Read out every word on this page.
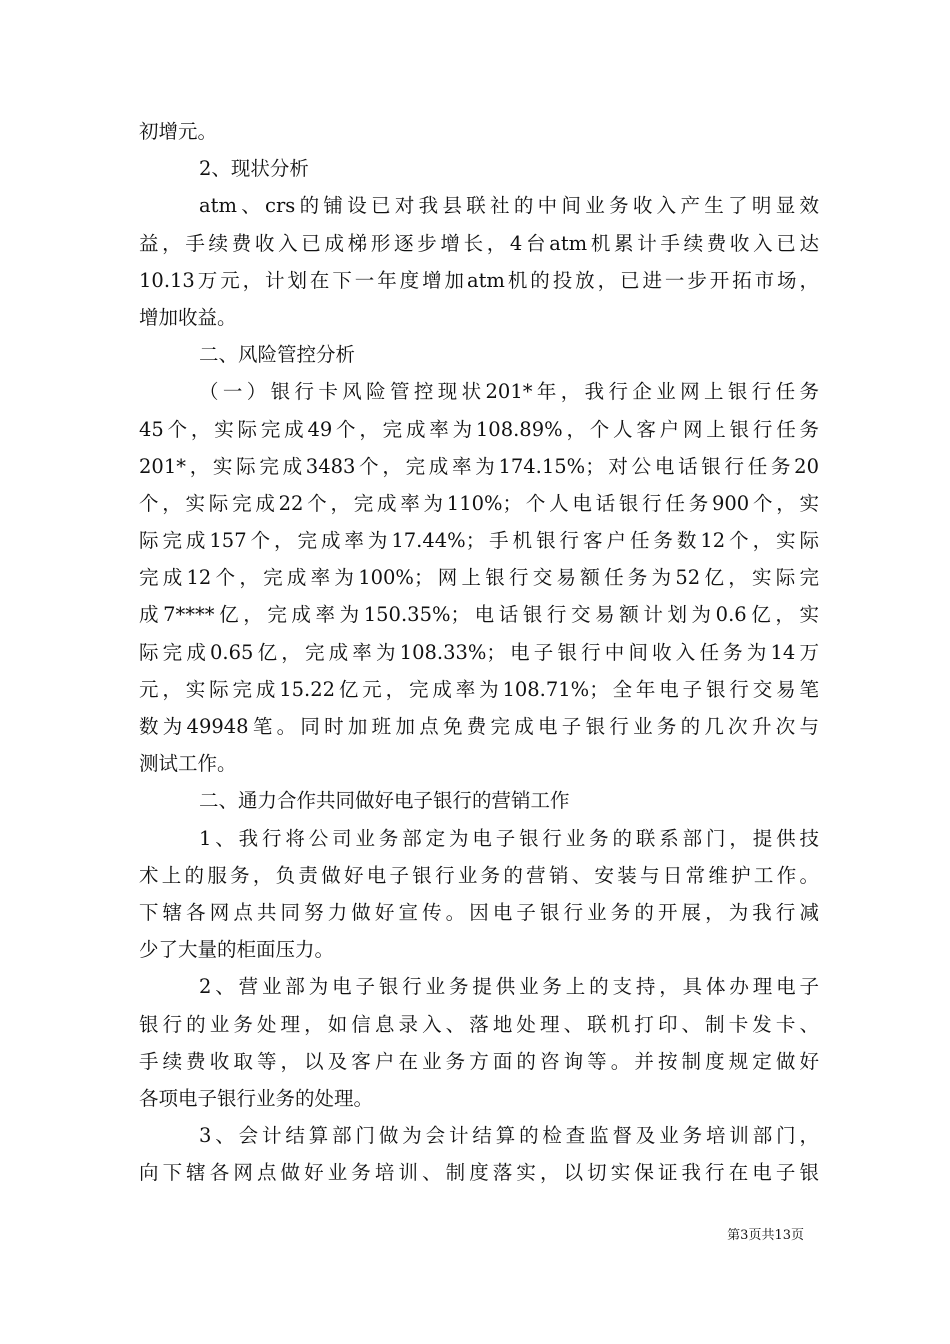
初增元。
2、现状分析
atm、crs的铺设已对我县联社的中间业务收入产生了明显效
益，手续费收入已成梯形逐步增长，4台atm机累计手续费收入已达
10.13万元，计划在下一年度增加atm机的投放，已进一步开拓市场，
增加收益。
二、风险管控分析
（一）银行卡风险管控现状201*年，我行企业网上银行任务
45个，实际完成49个，完成率为108.89%，个人客户网上银行任务
201*，实际完成3483个，完成率为174.15%；对公电话银行任务20
个，实际完成22个，完成率为110%；个人电话银行任务900个，实
际完成157个，完成率为17.44%；手机银行客户任务数12个，实际
完成12个，完成率为100%；网上银行交易额任务为52亿，实际完
成7****亿，完成率为150.35%；电话银行交易额计划为0.6亿，实
际完成0.65亿，完成率为108.33%；电子银行中间收入任务为14万
元，实际完成15.22亿元，完成率为108.71%；全年电子银行交易笔
数为49948笔。同时加班加点免费完成电子银行业务的几次升次与
测试工作。
二、通力合作共同做好电子银行的营销工作
1、我行将公司业务部定为电子银行业务的联系部门，提供技
术上的服务，负责做好电子银行业务的营销、安装与日常维护工作。
下辖各网点共同努力做好宣传。因电子银行业务的开展，为我行减
少了大量的柜面压力。
2、营业部为电子银行业务提供业务上的支持，具体办理电子
银行的业务处理，如信息录入、落地处理、联机打印、制卡发卡、
手续费收取等，以及客户在业务方面的咨询等。并按制度规定做好
各项电子银行业务的处理。
3、会计结算部门做为会计结算的检查监督及业务培训部门，
向下辖各网点做好业务培训、制度落实，以切实保证我行在电子银
第3页共13页
